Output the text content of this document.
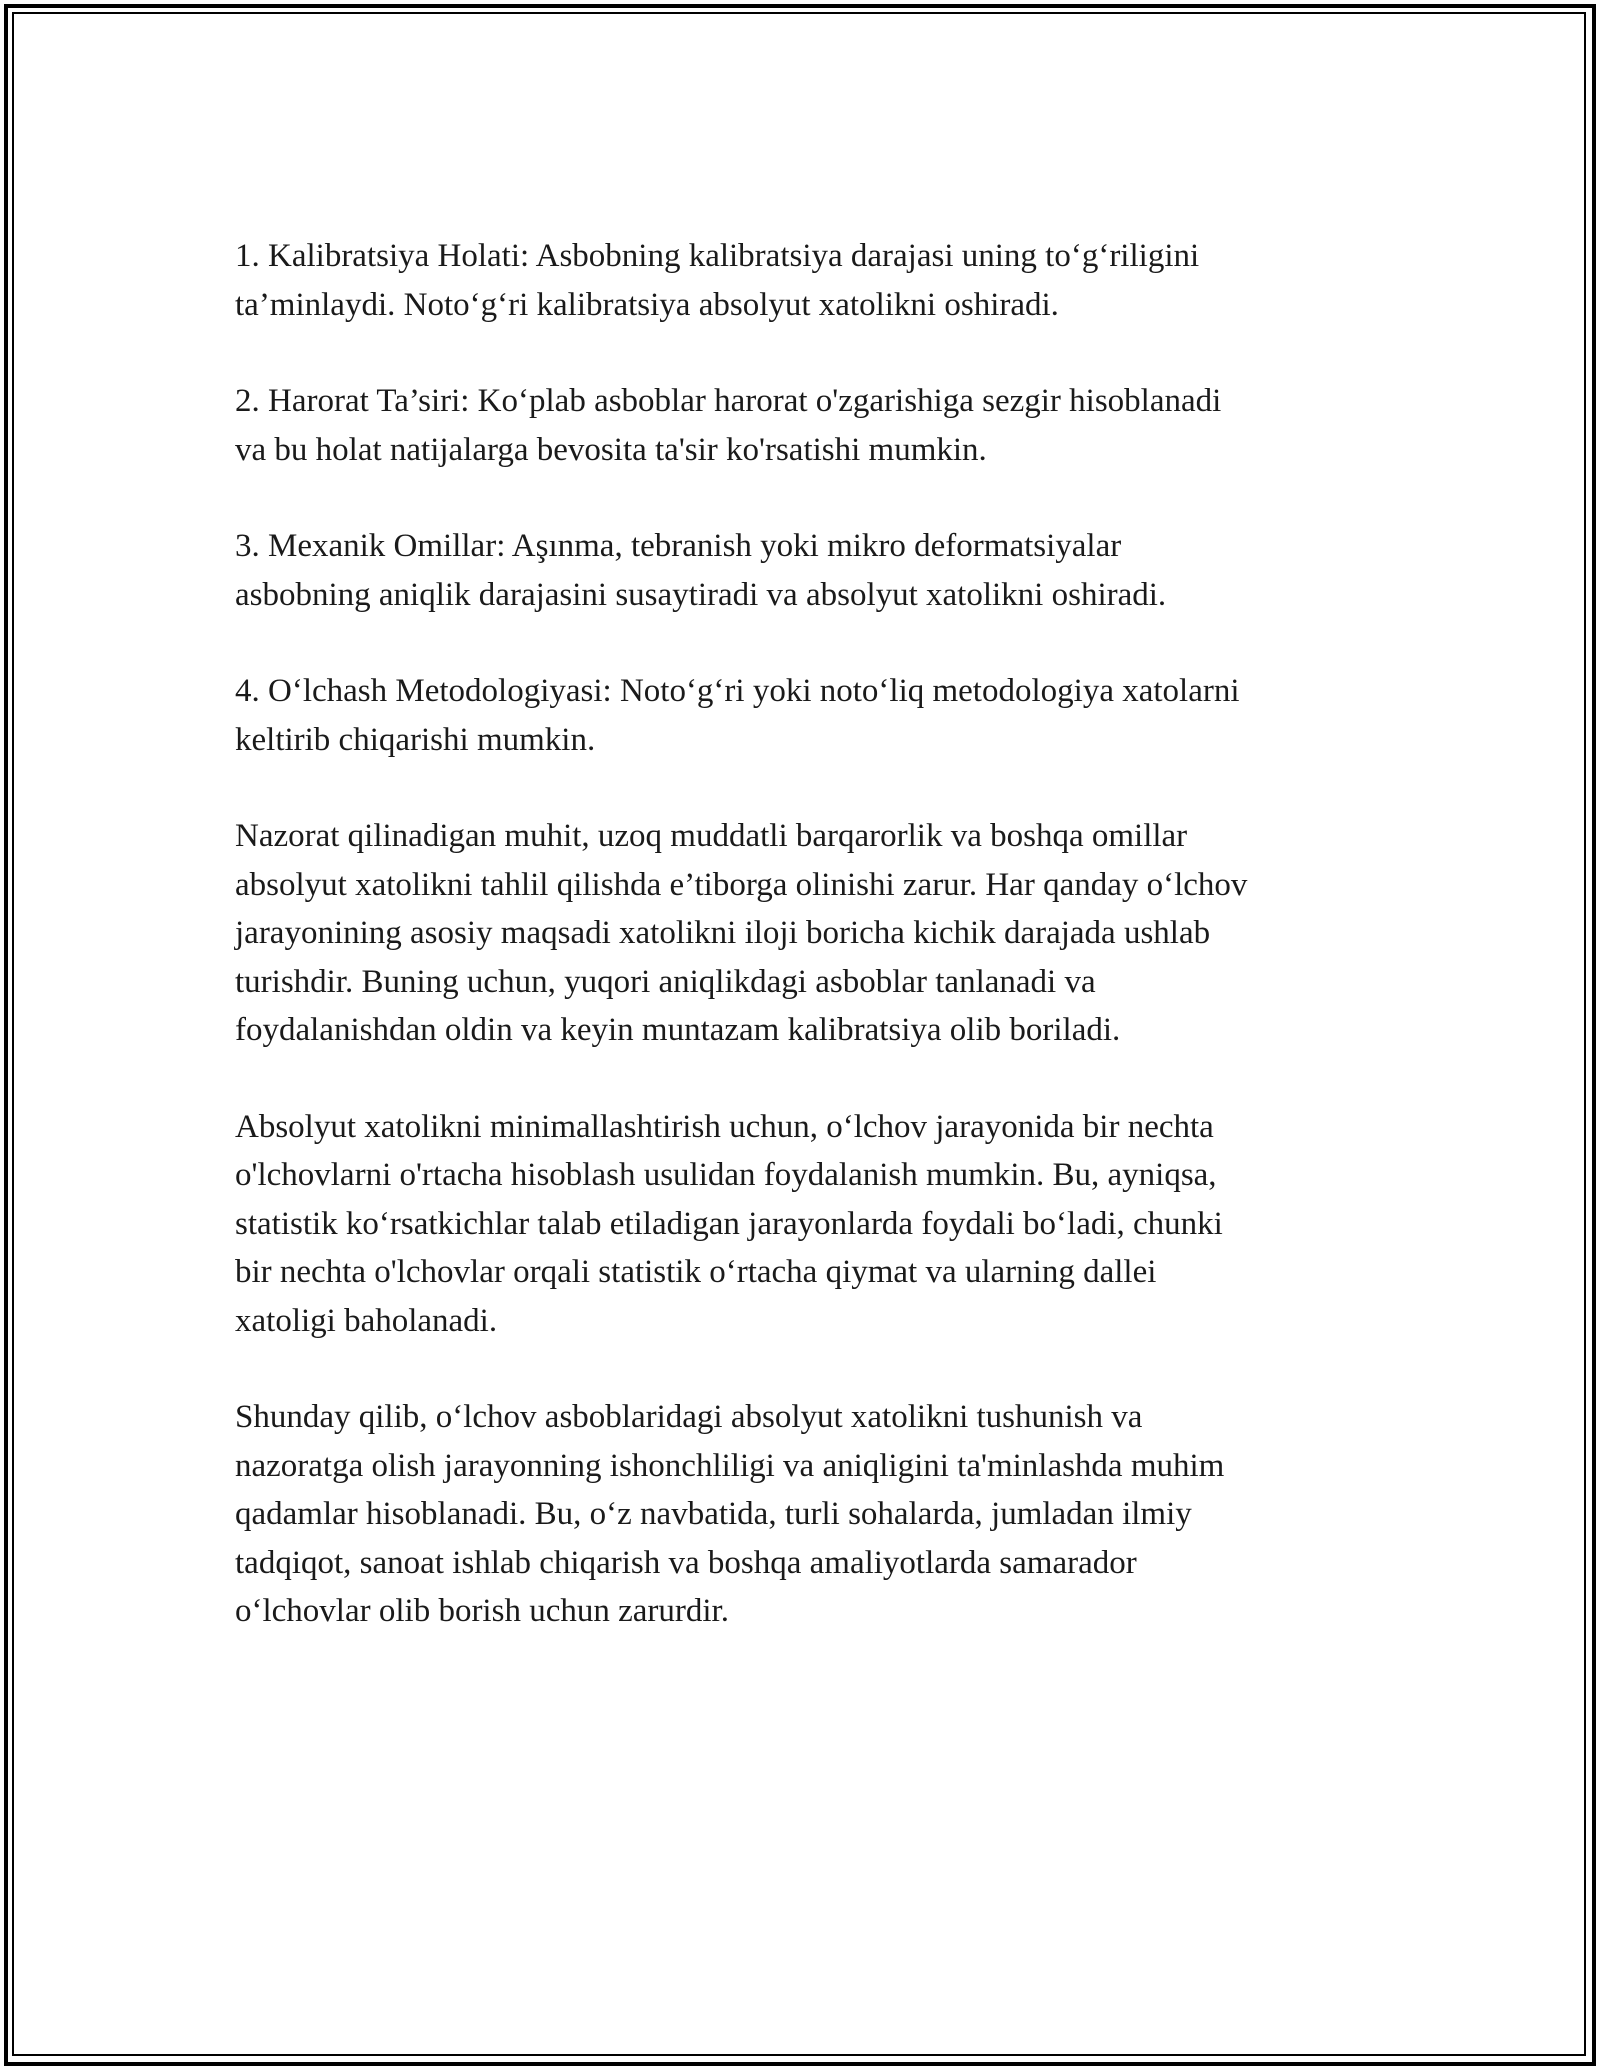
1. Kalibratsiya Holati: Asbobning kalibratsiya darajasi uning to‘g‘riligini
ta’minlaydi. Noto‘g‘ri kalibratsiya absolyut xatolikni oshiradi.

2. Harorat Ta’siri: Ko‘plab asboblar harorat o'zgarishiga sezgir hisoblanadi
va bu holat natijalarga bevosita ta'sir ko'rsatishi mumkin.

3. Mexanik Omillar: Aşınma, tebranish yoki mikro deformatsiyalar
asbobning aniqlik darajasini susaytiradi va absolyut xatolikni oshiradi.

4. O‘lchash Metodologiyasi: Noto‘g‘ri yoki noto‘liq metodologiya xatolarni
keltirib chiqarishi mumkin.

Nazorat qilinadigan muhit, uzoq muddatli barqarorlik va boshqa omillar
absolyut xatolikni tahlil qilishda e’tiborga olinishi zarur. Har qanday o‘lchov
jarayonining asosiy maqsadi xatolikni iloji boricha kichik darajada ushlab
turishdir. Buning uchun, yuqori aniqlikdagi asboblar tanlanadi va
foydalanishdan oldin va keyin muntazam kalibratsiya olib boriladi.

Absolyut xatolikni minimallashtirish uchun, o‘lchov jarayonida bir nechta
o'lchovlarni o'rtacha hisoblash usulidan foydalanish mumkin. Bu, ayniqsa,
statistik ko‘rsatkichlar talab etiladigan jarayonlarda foydali bo‘ladi, chunki
bir nechta o'lchovlar orqali statistik o‘rtacha qiymat va ularning dallei
xatoligi baholanadi.

Shunday qilib, o‘lchov asboblaridagi absolyut xatolikni tushunish va
nazoratga olish jarayonning ishonchliligi va aniqligini ta'minlashda muhim
qadamlar hisoblanadi. Bu, o‘z navbatida, turli sohalarda, jumladan ilmiy
tadqiqot, sanoat ishlab chiqarish va boshqa amaliyotlarda samarador
o‘lchovlar olib borish uchun zarurdir.
